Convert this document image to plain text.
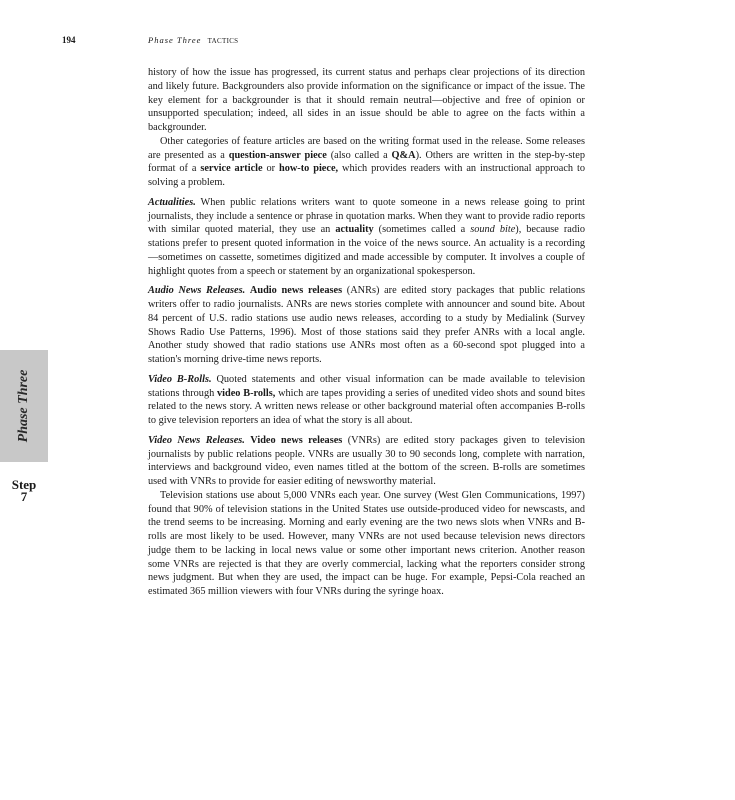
194	Phase Three TACTICS
Phase Three
Step
7

history of how the issue has progressed, its current status and perhaps clear projections of its direction and likely future. Backgrounders also provide information on the significance or impact of the issue. The key element for a backgrounder is that it should remain neutral—objective and free of opinion or unsupported speculation; indeed, all sides in an issue should be able to agree on the facts within a backgrounder.

Other categories of feature articles are based on the writing format used in the release. Some releases are presented as a question-answer piece (also called a Q&A). Others are written in the step-by-step format of a service article or how-to piece, which provides readers with an instructional approach to solving a problem.

Actualities. When public relations writers want to quote someone in a news release going to print journalists, they include a sentence or phrase in quotation marks. When they want to provide radio reports with similar quoted material, they use an actuality (sometimes called a sound bite), because radio stations prefer to present quoted information in the voice of the news source. An actuality is a recording—sometimes on cassette, sometimes digitized and made accessible by computer. It involves a couple of highlight quotes from a speech or statement by an organizational spokesperson.

Audio News Releases. Audio news releases (ANRs) are edited story packages that public relations writers offer to radio journalists. ANRs are news stories complete with announcer and sound bite. About 84 percent of U.S. radio stations use audio news releases, according to a study by Medialink (Survey Shows Radio Use Patterns, 1996). Most of those stations said they prefer ANRs with a local angle. Another study showed that radio stations use ANRs most often as a 60-second spot plugged into a station's morning drive-time news reports.

Video B-Rolls. Quoted statements and other visual information can be made available to television stations through video B-rolls, which are tapes providing a series of unedited video shots and sound bites related to the news story. A written news release or other background material often accompanies B-rolls to give television reporters an idea of what the story is all about.

Video News Releases. Video news releases (VNRs) are edited story packages given to television journalists by public relations people. VNRs are usually 30 to 90 seconds long, complete with narration, interviews and background video, even names titled at the bottom of the screen. B-rolls are sometimes used with VNRs to provide for easier editing of newsworthy material.

Television stations use about 5,000 VNRs each year. One survey (West Glen Communications, 1997) found that 90% of television stations in the United States use outside-produced video for newscasts, and the trend seems to be increasing. Morning and early evening are the two news slots when VNRs and B-rolls are most likely to be used. However, many VNRs are not used because television news directors judge them to be lacking in local news value or some other important news criterion. Another reason some VNRs are rejected is that they are overly commercial, lacking what the reporters consider strong news judgment. But when they are used, the impact can be huge. For example, Pepsi-Cola reached an estimated 365 million viewers with four VNRs during the syringe hoax.
